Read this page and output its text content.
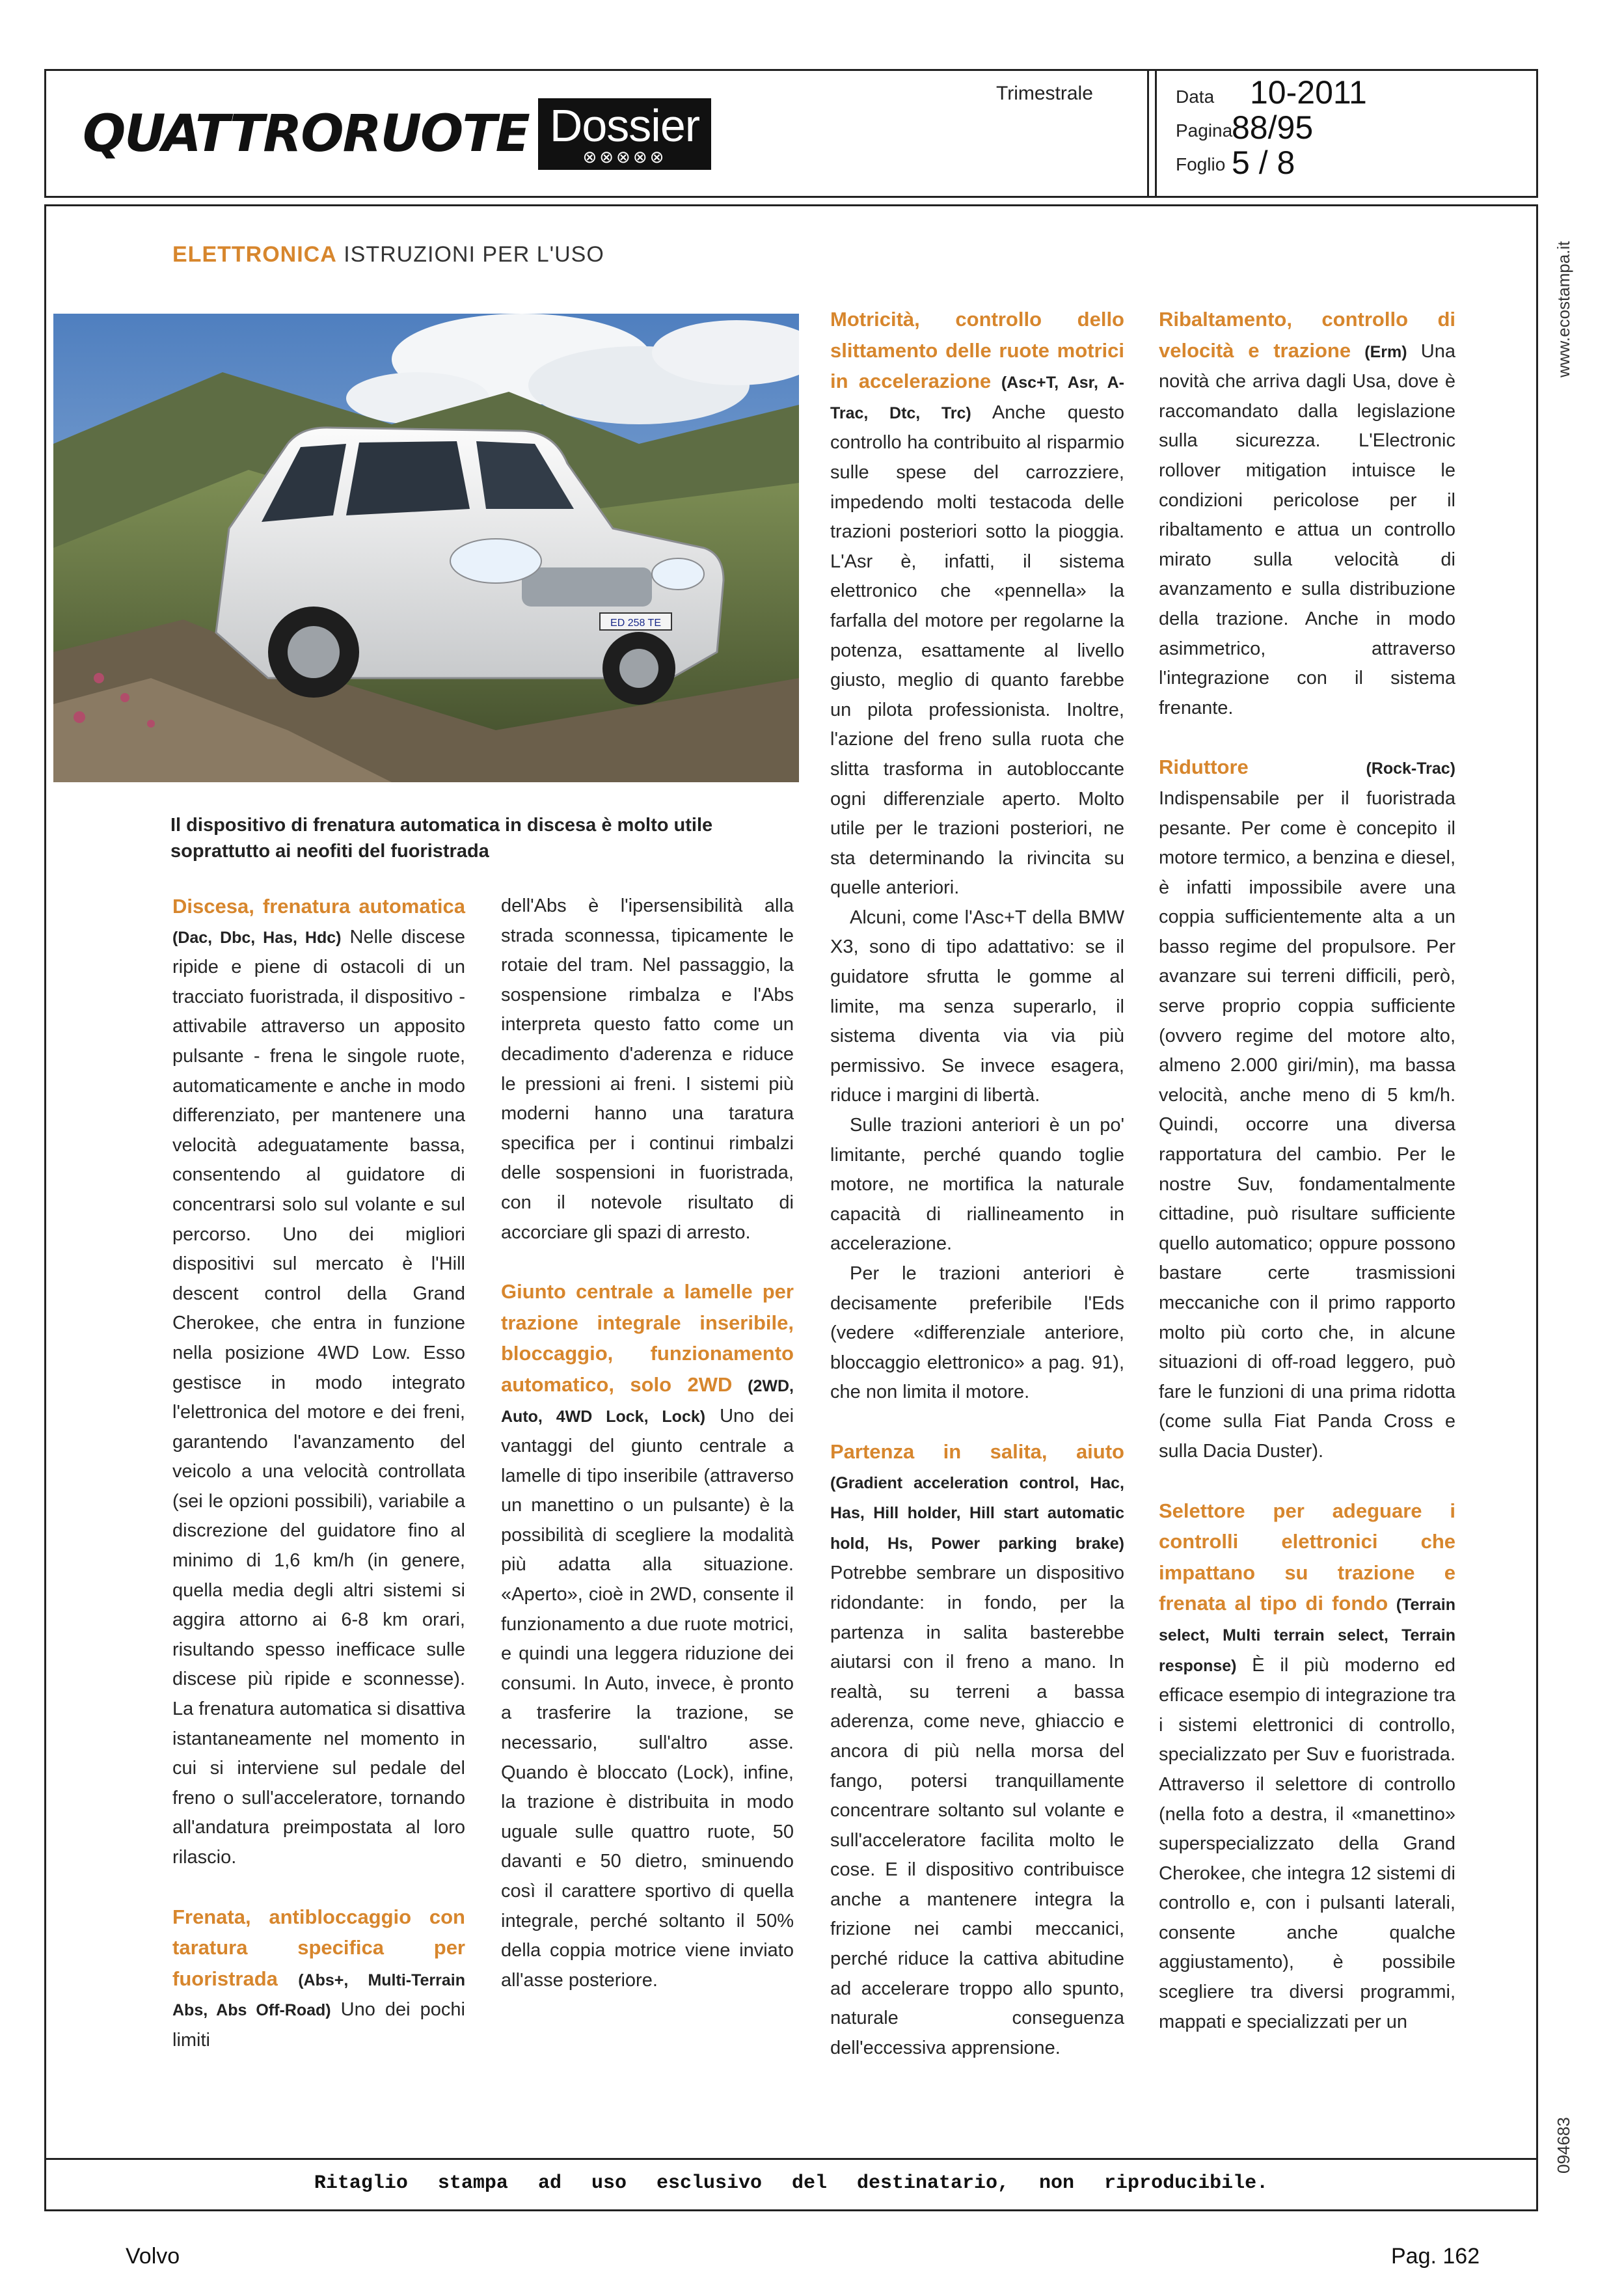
QUATTRORUOTE Dossier
⊗⊗⊗⊗⊗
Trimestrale	Data 10-2011
Pagina
88/95
Foglio 5 / 8
www.ecostampa.it
094683
Ritaglio stampa ad uso esclusivo del destinatario, non riproducibile.
ELETTRONICA ISTRUZIONI PER L'USO
ED 258 TE
Il dispositivo di frenatura automatica in discesa è molto utile soprattutto ai neofiti del fuoristrada

Discesa, frenatura automatica (Dac, Dbc, Has, Hdc) Nelle discese ripide e piene di ostacoli di un tracciato fuoristrada, il dispositivo - attivabile attraverso un apposito pulsante - frena le singole ruote, automaticamente e anche in modo differenziato, per mantenere una velocità adeguatamente bassa, consentendo al guidatore di concentrarsi solo sul volante e sul percorso. Uno dei migliori dispositivi sul mercato è l'Hill descent control della Grand Cherokee, che entra in funzione nella posizione 4WD Low. Esso gestisce in modo integrato l'elettronica del motore e dei freni, garantendo l'avanzamento del veicolo a una velocità controllata (sei le opzioni possibili), variabile a discrezione del guidatore fino al minimo di 1,6 km/h (in genere, quella media degli altri sistemi si aggira attorno ai 6-8 km orari, risultando spesso inefficace sulle discese più ripide e sconnesse). La frenatura automatica si disattiva istantaneamente nel momento in cui si interviene sul pedale del freno o sull'acceleratore, tornando all'andatura preimpostata al loro rilascio.

Frenata, antibloccaggio con taratura specifica per fuoristrada (Abs+, Multi-Terrain Abs, Abs Off-Road) Uno dei pochi limiti

dell'Abs è l'ipersensibilità alla strada sconnessa, tipicamente le rotaie del tram. Nel passaggio, la sospensione rimbalza e l'Abs interpreta questo fatto come un decadimento d'aderenza e riduce le pressioni ai freni. I sistemi più moderni hanno una taratura specifica per i continui rimbalzi delle sospensioni in fuoristrada, con il notevole risultato di accorciare gli spazi di arresto.

Giunto centrale a lamelle per trazione integrale inseribile, bloccaggio, funzionamento automatico, solo 2WD (2WD, Auto, 4WD Lock, Lock) Uno dei vantaggi del giunto centrale a lamelle di tipo inseribile (attraverso un manettino o un pulsante) è la possibilità di scegliere la modalità più adatta alla situazione. «Aperto», cioè in 2WD, consente il funzionamento a due ruote motrici, e quindi una leggera riduzione dei consumi. In Auto, invece, è pronto a trasferire la trazione, se necessario, sull'altro asse. Quando è bloccato (Lock), infine, la trazione è distribuita in modo uguale sulle quattro ruote, 50 davanti e 50 dietro, sminuendo così il carattere sportivo di quella integrale, perché soltanto il 50% della coppia motrice viene inviato all'asse posteriore.

Motricità, controllo dello slittamento delle ruote motrici in accelerazione (Asc+T, Asr, A-Trac, Dtc, Trc) Anche questo controllo ha contribuito al risparmio sulle spese del carrozziere, impedendo molti testacoda delle trazioni posteriori sotto la pioggia. L'Asr è, infatti, il sistema elettronico che «pennella» la farfalla del motore per regolarne la potenza, esattamente al livello giusto, meglio di quanto farebbe un pilota professionista. Inoltre, l'azione del freno sulla ruota che slitta trasforma in autobloccante ogni differenziale aperto. Molto utile per le trazioni posteriori, ne sta determinando la rivincita su quelle anteriori.

Alcuni, come l'Asc+T della BMW X3, sono di tipo adattativo: se il guidatore sfrutta le gomme al limite, ma senza superarlo, il sistema diventa via via più permissivo. Se invece esagera, riduce i margini di libertà.

Sulle trazioni anteriori è un po' limitante, perché quando toglie motore, ne mortifica la naturale capacità di riallineamento in accelerazione.

Per le trazioni anteriori è decisamente preferibile l'Eds (vedere «differenziale anteriore, bloccaggio elettronico» a pag. 91), che non limita il motore.

Partenza in salita, aiuto (Gradient acceleration control, Hac, Has, Hill holder, Hill start automatic hold, Hs, Power parking brake) Potrebbe sembrare un dispositivo ridondante: in fondo, per la partenza in salita basterebbe aiutarsi con il freno a mano. In realtà, su terreni a bassa aderenza, come neve, ghiaccio e ancora di più nella morsa del fango, potersi tranquillamente concentrare soltanto sul volante e sull'acceleratore facilita molto le cose. E il dispositivo contribuisce anche a mantenere integra la frizione nei cambi meccanici, perché riduce la cattiva abitudine ad accelerare troppo allo spunto, naturale conseguenza dell'eccessiva apprensione.

Ribaltamento, controllo di velocità e trazione (Erm) Una novità che arriva dagli Usa, dove è raccomandato dalla legislazione sulla sicurezza. L'Electronic rollover mitigation intuisce le condizioni pericolose per il ribaltamento e attua un controllo mirato sulla velocità di avanzamento e sulla distribuzione della trazione. Anche in modo asimmetrico, attraverso l'integrazione con il sistema frenante.

Riduttore	(Rock-Trac) Indispensabile per il fuoristrada pesante. Per come è concepito il motore termico, a benzina e diesel, è infatti impossibile avere una coppia sufficientemente alta a un basso regime del propulsore. Per avanzare sui terreni difficili, però, serve proprio coppia sufficiente (ovvero regime del motore alto, almeno 2.000 giri/min), ma bassa velocità, anche meno di 5 km/h. Quindi, occorre una diversa rapportatura del cambio. Per le nostre Suv, fondamentalmente cittadine, può risultare sufficiente quello automatico; oppure possono bastare certe trasmissioni meccaniche con il primo rapporto molto più corto che, in alcune situazioni di off-road leggero, può fare le funzioni di una prima ridotta (come sulla Fiat Panda Cross e sulla Dacia Duster).

Selettore per adeguare i controlli elettronici che impattano su trazione e frenata al tipo di fondo (Terrain select, Multi terrain select, Terrain response) È il più moderno ed efficace esempio di integrazione tra i sistemi elettronici di controllo, specializzato per Suv e fuoristrada. Attraverso il selettore di controllo (nella foto a destra, il «manettino» superspecializzato della Grand Cherokee, che integra 12 sistemi di controllo e, con i pulsanti laterali, consente anche qualche aggiustamento), è possibile scegliere tra diversi programmi, mappati e specializzati per un

Volvo	Pag. 162
